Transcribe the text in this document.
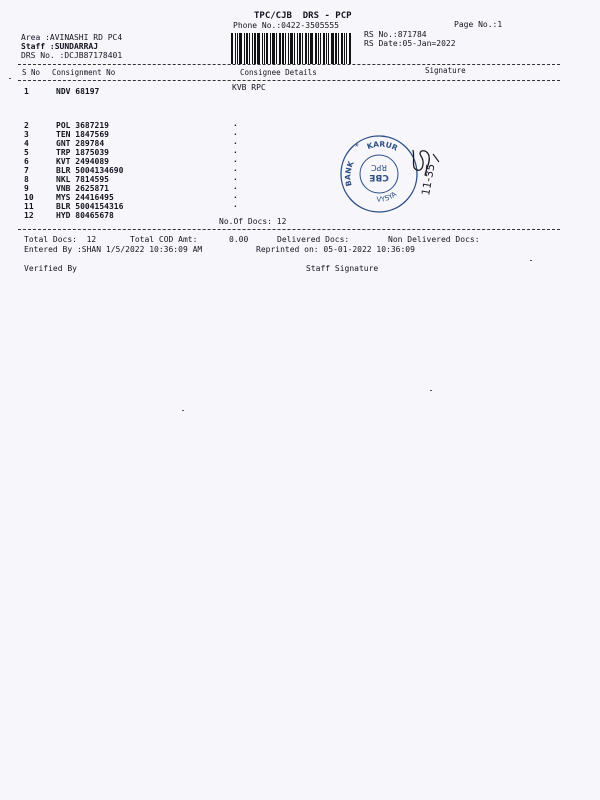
TPC/CJB  DRS - PCP
Phone No.:0422-3505555	Page No.:1
RS No.:871784
RS Date:05-Jan=2022
Area :AVINASHI RD PC4
Staff :SUNDARRAJ
DRS No. :DCJB87178401
S No Consignment No	Consignee Details	Signature
1	NDV 68197	KVB RPC
2	POL 3687219	.
3	TEN 1847569	.
4	GNT 289784	.
5	TRP 1875039	.
6	KVT 2494089	.
7	BLR 5004134690	.
8	NKL 7814595	.
9	VNB 2625871	.
10	MYS 24416495	.
11	BLR 5004154316	.
12	HYD 80465678
No.Of Docs: 12
Total Docs:  12	Total COD Amt:	0.00	Delivered Docs:	Non Delivered Docs:
Entered By :SHAN 1/5/2022 10:36:09 AM	Reprinted on: 05-01-2022 10:36:09
Verified By	Staff Signature
KARUR
BANK
VYSYA
*
CBE
RPC	11-35
